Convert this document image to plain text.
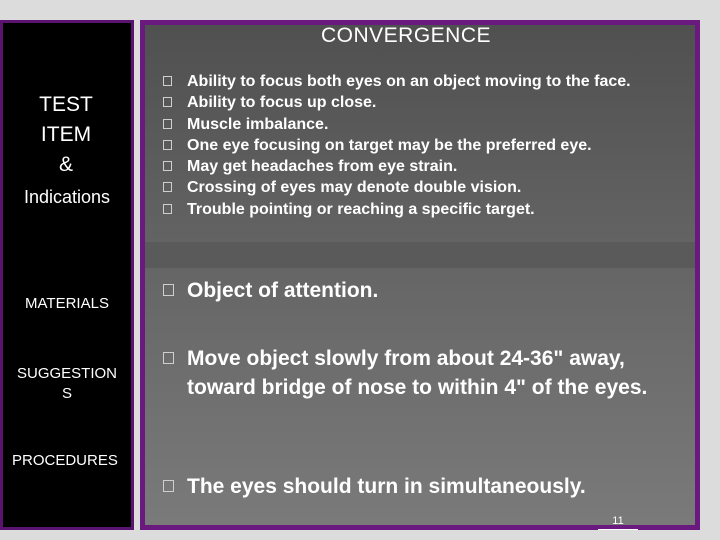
CONVERGENCE
TEST
ITEM
&
Indications
MATERIALS
SUGGESTION
S
PROCEDURES
Ability to focus both eyes on an object moving to the face.
Ability to focus up close.
Muscle imbalance.
One eye focusing on target may be the preferred eye.
May get headaches from eye strain.
Crossing of eyes may denote double vision.
Trouble pointing or reaching a specific target.
Object of attention.
Move object slowly from about 24-36" away, toward bridge of nose to within 4" of the eyes.
The eyes should turn in simultaneously.
11
